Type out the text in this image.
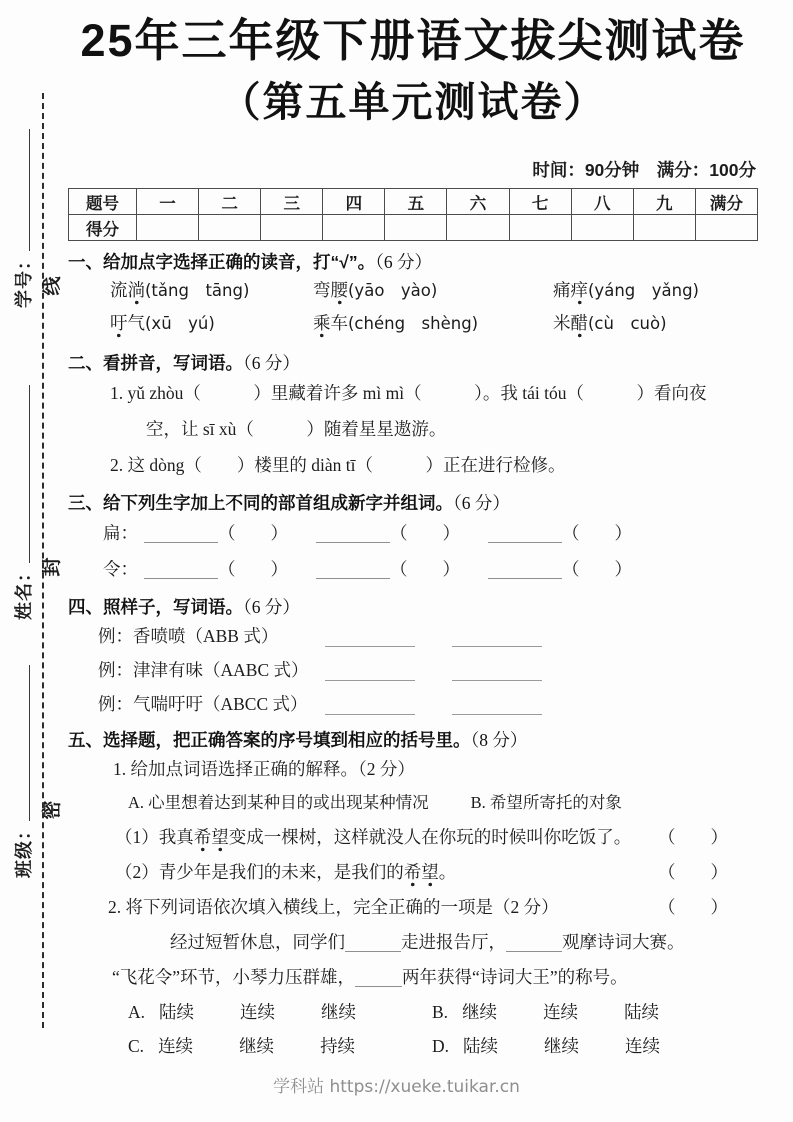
学号：
姓名：
班级：
线
封
密
25年三年级下册语文拔尖测试卷
（第五单元测试卷）
时间：90分钟　满分：100分
题号	一	二	三	四	五	六	七	八	九	满分
得分										
一、给加点字选择正确的读音，打“√”。（6 分）
流淌(tǎng　tāng)	弯腰(yāo　yào)	痛痒(yáng　yǎng)
吁气(xū　yú)	乘车(chéng　shèng)	米醋(cù　cuò)
二、看拼音，写词语。（6 分）
1. yǔ zhòu（　　　）里藏着许多 mì mì（　　　）。我 tái tóu（　　　）看向夜
空，让 sī xù（　　　）随着星星遨游。
2. 这 dòng（　　）楼里的 diàn tī（　　　）正在进行检修。
三、给下列生字加上不同的部首组成新字并组词。（6 分）
扁：	（　　）	（　　）	（　　）
令：	（　　）	（　　）	（　　）
四、照样子，写词语。（6 分）
例：香喷喷（ABB 式）
例：津津有味（AABC 式）
例：气喘吁吁（ABCC 式）
五、选择题，把正确答案的序号填到相应的括号里。（8 分）
1. 给加点词语选择正确的解释。（2 分）
A. 心里想着达到某种目的或出现某种情况	B. 希望所寄托的对象
（1）我真希望变成一棵树，这样就没人在你玩的时候叫你吃饭了。 （　　）
（2）青少年是我们的未来，是我们的希望。	（　　）
2. 将下列词语依次填入横线上，完全正确的一项是（2 分）	（　　）
经过短暂休息，同学们	走进报告厅，	观摩诗词大赛。
“飞花令”环节，小琴力压群雄，	两年获得“诗词大王”的称号。
A. 陆续	连续	继续	B. 继续	连续	陆续
C. 连续	继续	持续	D. 陆续	继续	连续
学科站 https://xueke.tuikar.cn
